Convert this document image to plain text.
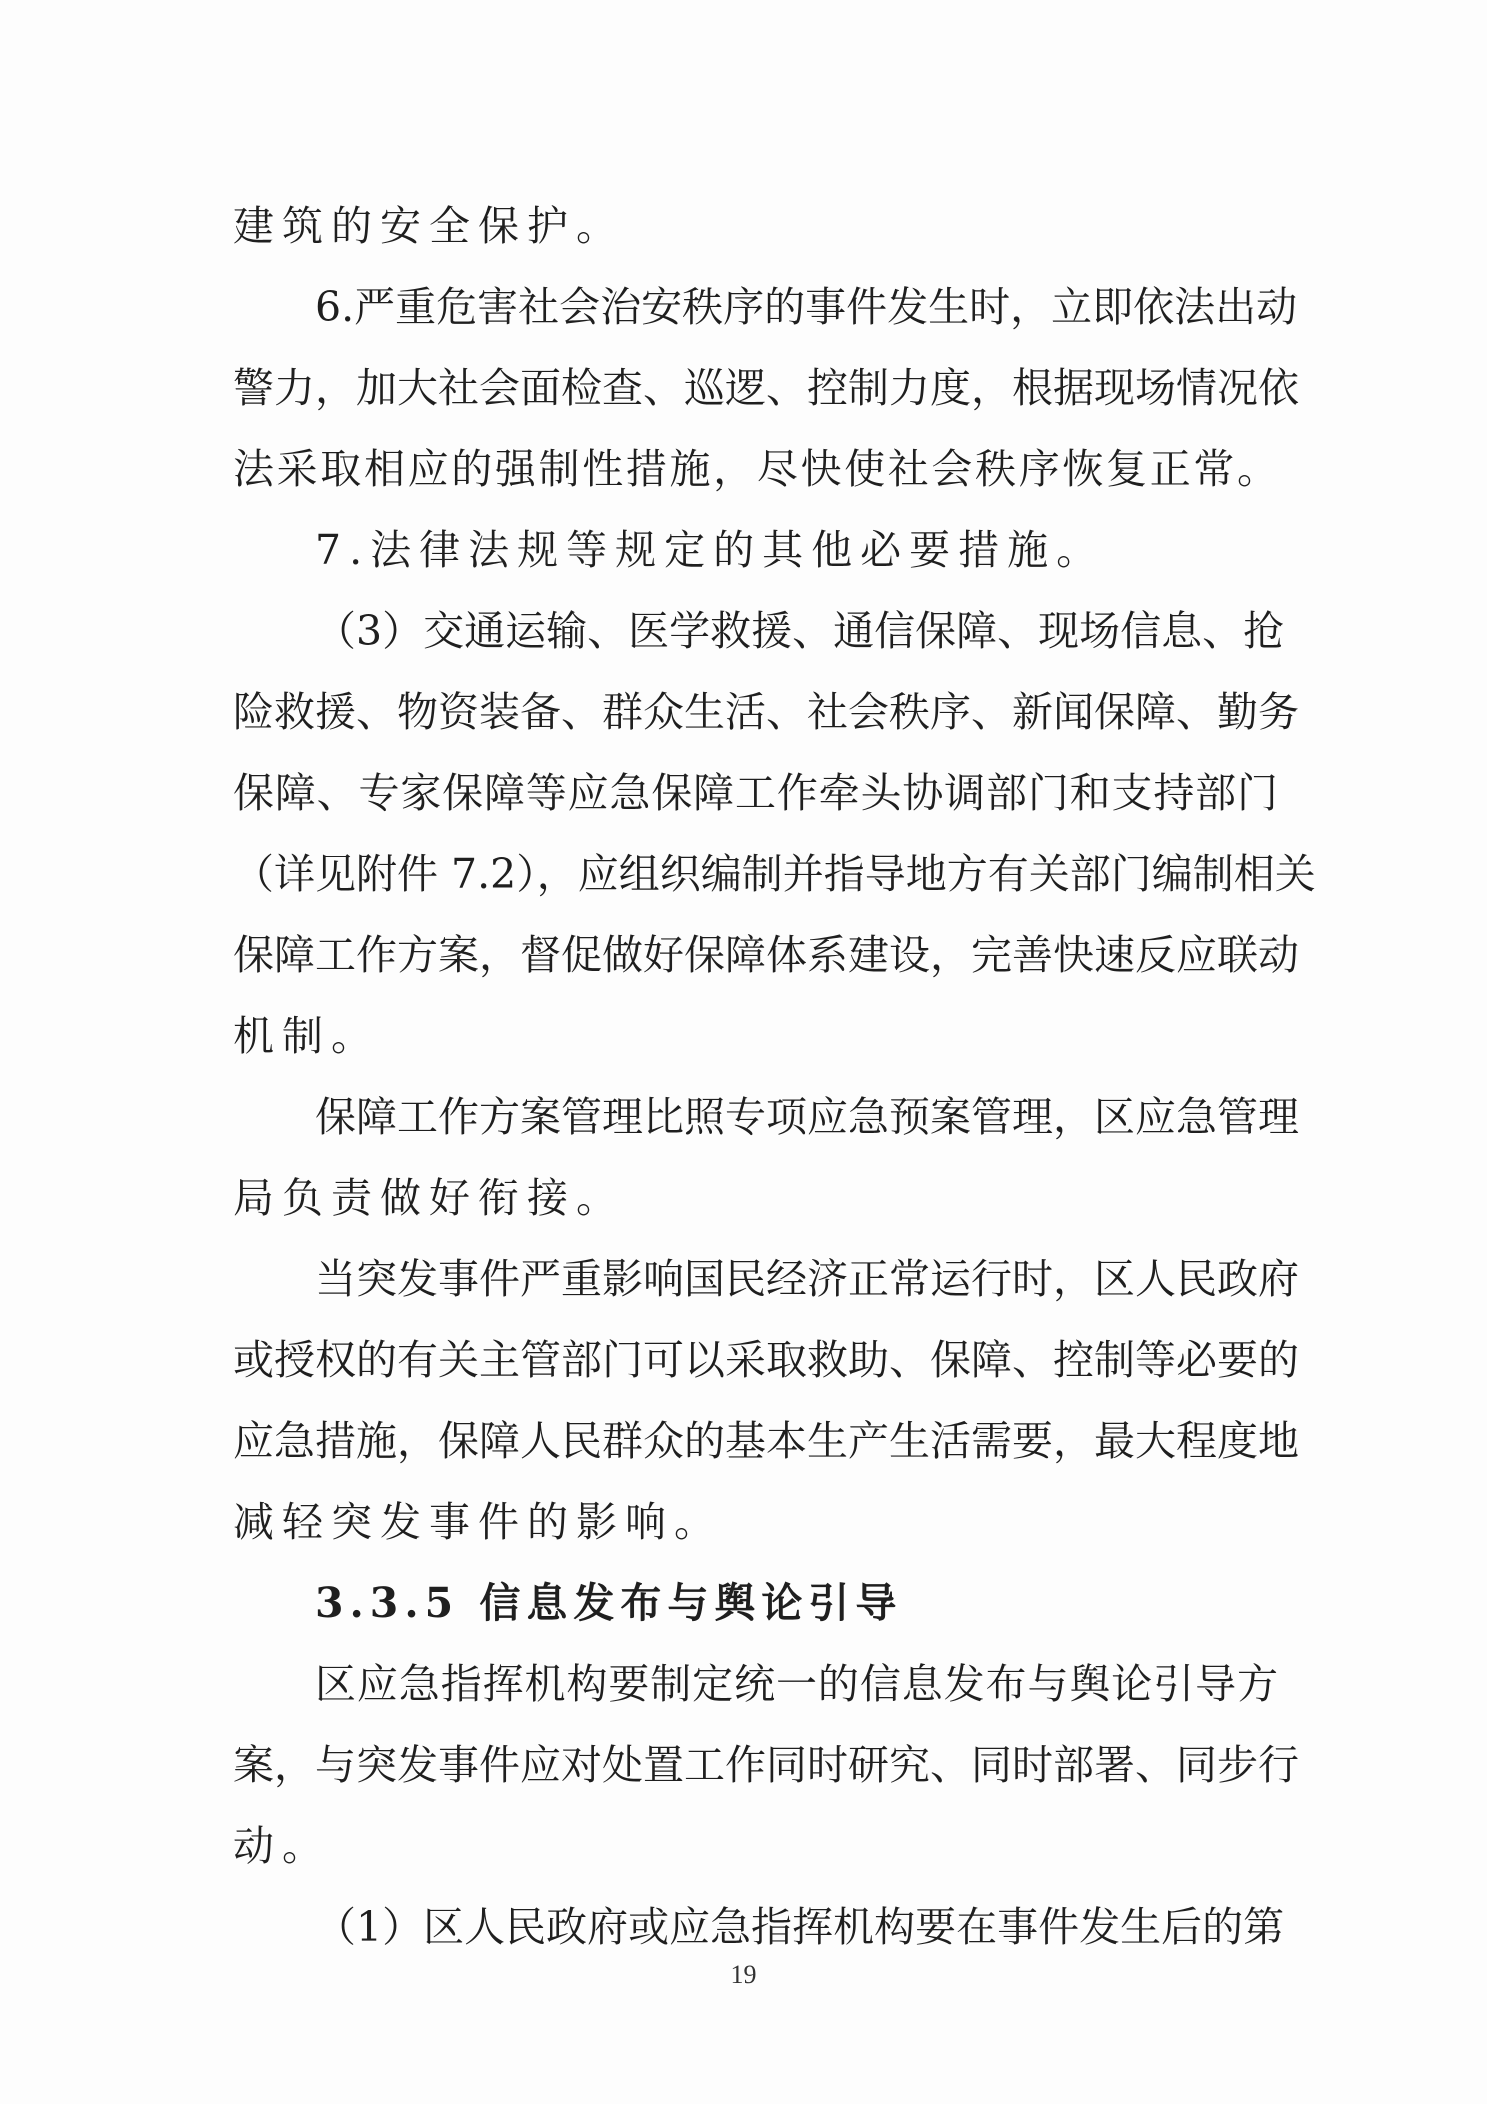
建筑的安全保护。
6.严重危害社会治安秩序的事件发生时，立即依法出动
警力，加大社会面检查、巡逻、控制力度，根据现场情况依
法采取相应的强制性措施，尽快使社会秩序恢复正常。
7.法律法规等规定的其他必要措施。
（3）交通运输、医学救援、通信保障、现场信息、抢
险救援、物资装备、群众生活、社会秩序、新闻保障、勤务
保障、专家保障等应急保障工作牵头协调部门和支持部门
（详见附件 7.2），应组织编制并指导地方有关部门编制相关
保障工作方案，督促做好保障体系建设，完善快速反应联动
机制。
保障工作方案管理比照专项应急预案管理，区应急管理
局负责做好衔接。
当突发事件严重影响国民经济正常运行时，区人民政府
或授权的有关主管部门可以采取救助、保障、控制等必要的
应急措施，保障人民群众的基本生产生活需要，最大程度地
减轻突发事件的影响。
3.3.5 信息发布与舆论引导
区应急指挥机构要制定统一的信息发布与舆论引导方
案，与突发事件应对处置工作同时研究、同时部署、同步行
动。
（1）区人民政府或应急指挥机构要在事件发生后的第
19
